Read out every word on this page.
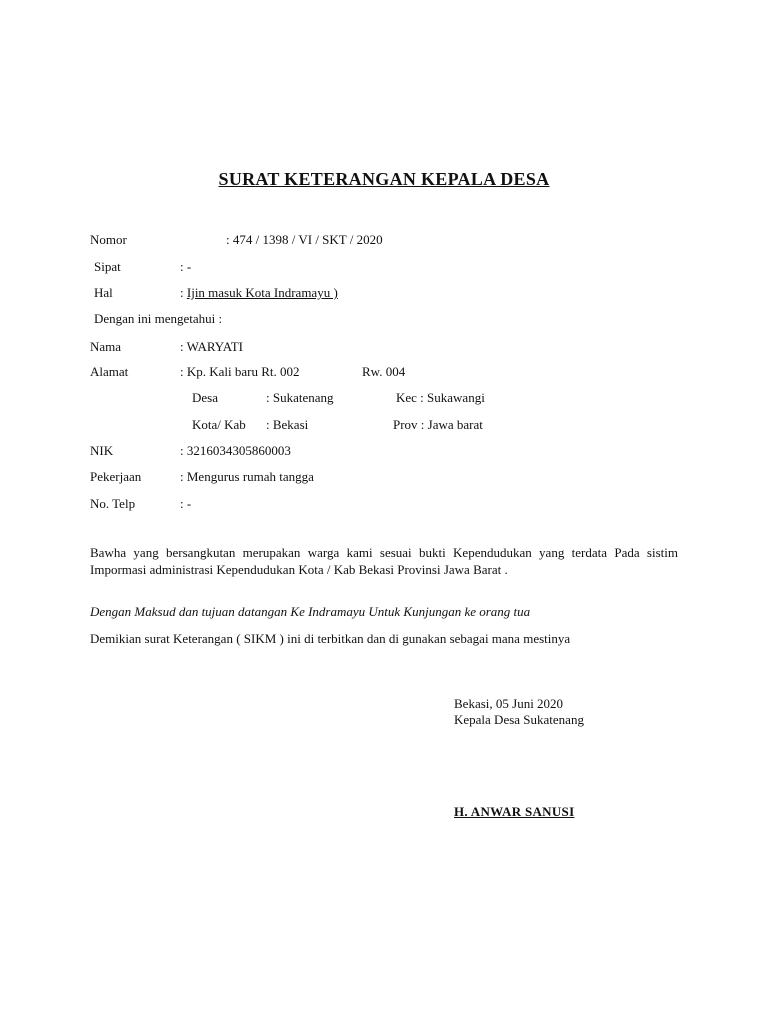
SURAT KETERANGAN KEPALA DESA
Nomor	: 474 / 1398 / VI / SKT / 2020
Sipat	: -
Hal	: Ijin masuk Kota Indramayu )
Dengan ini mengetahui :
Nama	: WARYATI
Alamat	: Kp. Kali baru Rt. 002	Rw. 004
Desa	: Sukatenang	Kec : Sukawangi
Kota/ Kab : Bekasi	Prov : Jawa barat
NIK	: 3216034305860003
Pekerjaan	: Mengurus rumah tangga
No. Telp	: -
Bawha yang bersangkutan merupakan warga kami sesuai bukti Kependudukan yang terdata Pada sistim Impormasi administrasi Kependudukan Kota / Kab Bekasi Provinsi Jawa Barat .
Dengan Maksud dan tujuan datangan Ke Indramayu Untuk Kunjungan ke orang tua
Demikian surat Keterangan ( SIKM ) ini di terbitkan dan di gunakan sebagai mana mestinya
Bekasi, 05 Juni 2020
Kepala Desa Sukatenang
H. ANWAR SANUSI
